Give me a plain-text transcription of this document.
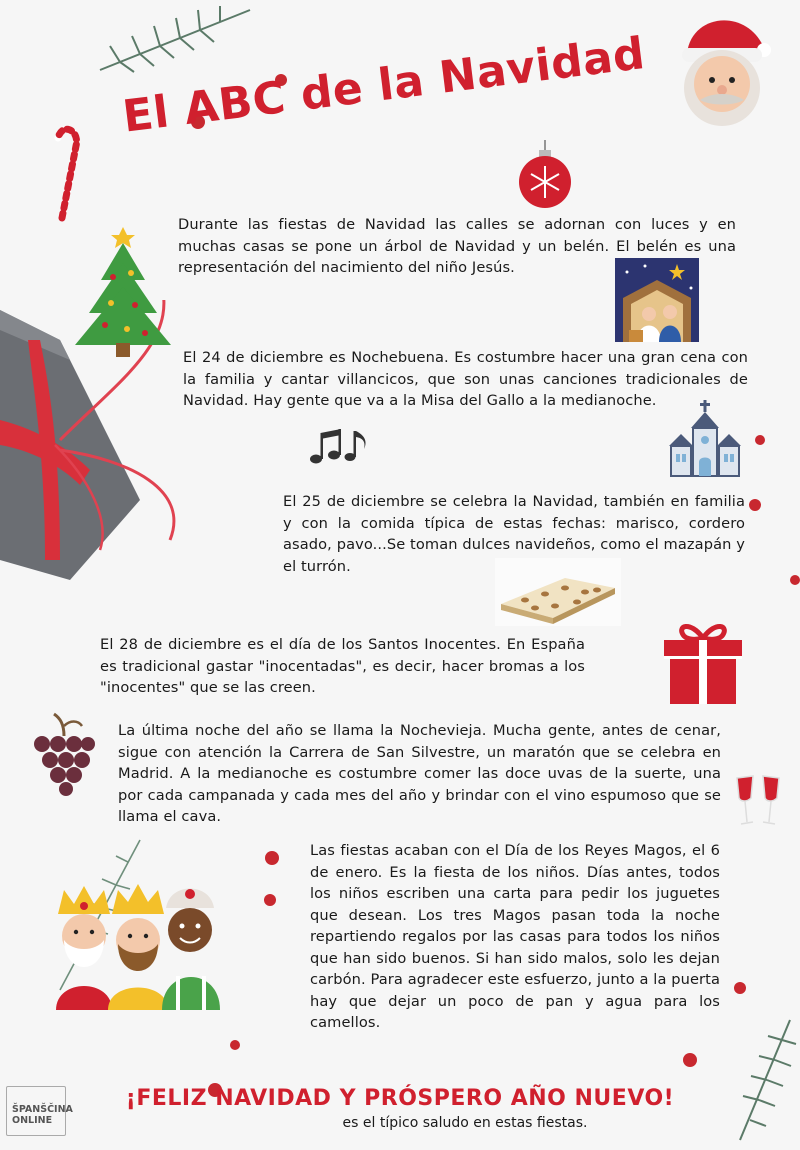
El ABC de la Navidad
Durante las fiestas de Navidad las calles se adornan con luces y en muchas casas se pone un árbol de Navidad y un belén. El belén es una representación del nacimiento del niño Jesús.
El 24 de diciembre es Nochebuena. Es costumbre hacer una gran cena con la familia y cantar villancicos, que son unas canciones tradicionales de Navidad. Hay gente que va a la Misa del Gallo a la medianoche.
El 25 de diciembre se celebra la Navidad, también en familia y con la comida típica de estas fechas: marisco, cordero asado, pavo...Se toman dulces navideños, como el mazapán y el turrón.
El 28 de diciembre es el día de los Santos Inocentes. En España es tradicional gastar "inocentadas", es decir, hacer bromas a los "inocentes" que se las creen.
La última noche del año se llama la Nochevieja. Mucha gente, antes de cenar, sigue con atención la Carrera de San Silvestre, un maratón que se celebra en Madrid. A la medianoche es costumbre comer las doce uvas de la suerte, una por cada campanada y cada mes del año y brindar con el vino espumoso que se llama el cava.
Las fiestas acaban con el Día de los Reyes Magos, el 6 de enero. Es la fiesta de los niños. Días antes, todos los niños escriben una carta para pedir los juguetes que desean. Los tres Magos pasan toda la noche repartiendo regalos por las casas para todos los niños que han sido buenos. Si han sido malos, solo les dejan carbón. Para agradecer este esfuerzo, junto a la puerta hay que dejar un poco de pan y agua para los camellos.
ŠPANŠČINA
ONLINE
¡FELIZ NAVIDAD Y PRÓSPERO AÑO NUEVO!
es el típico saludo en estas fiestas.
